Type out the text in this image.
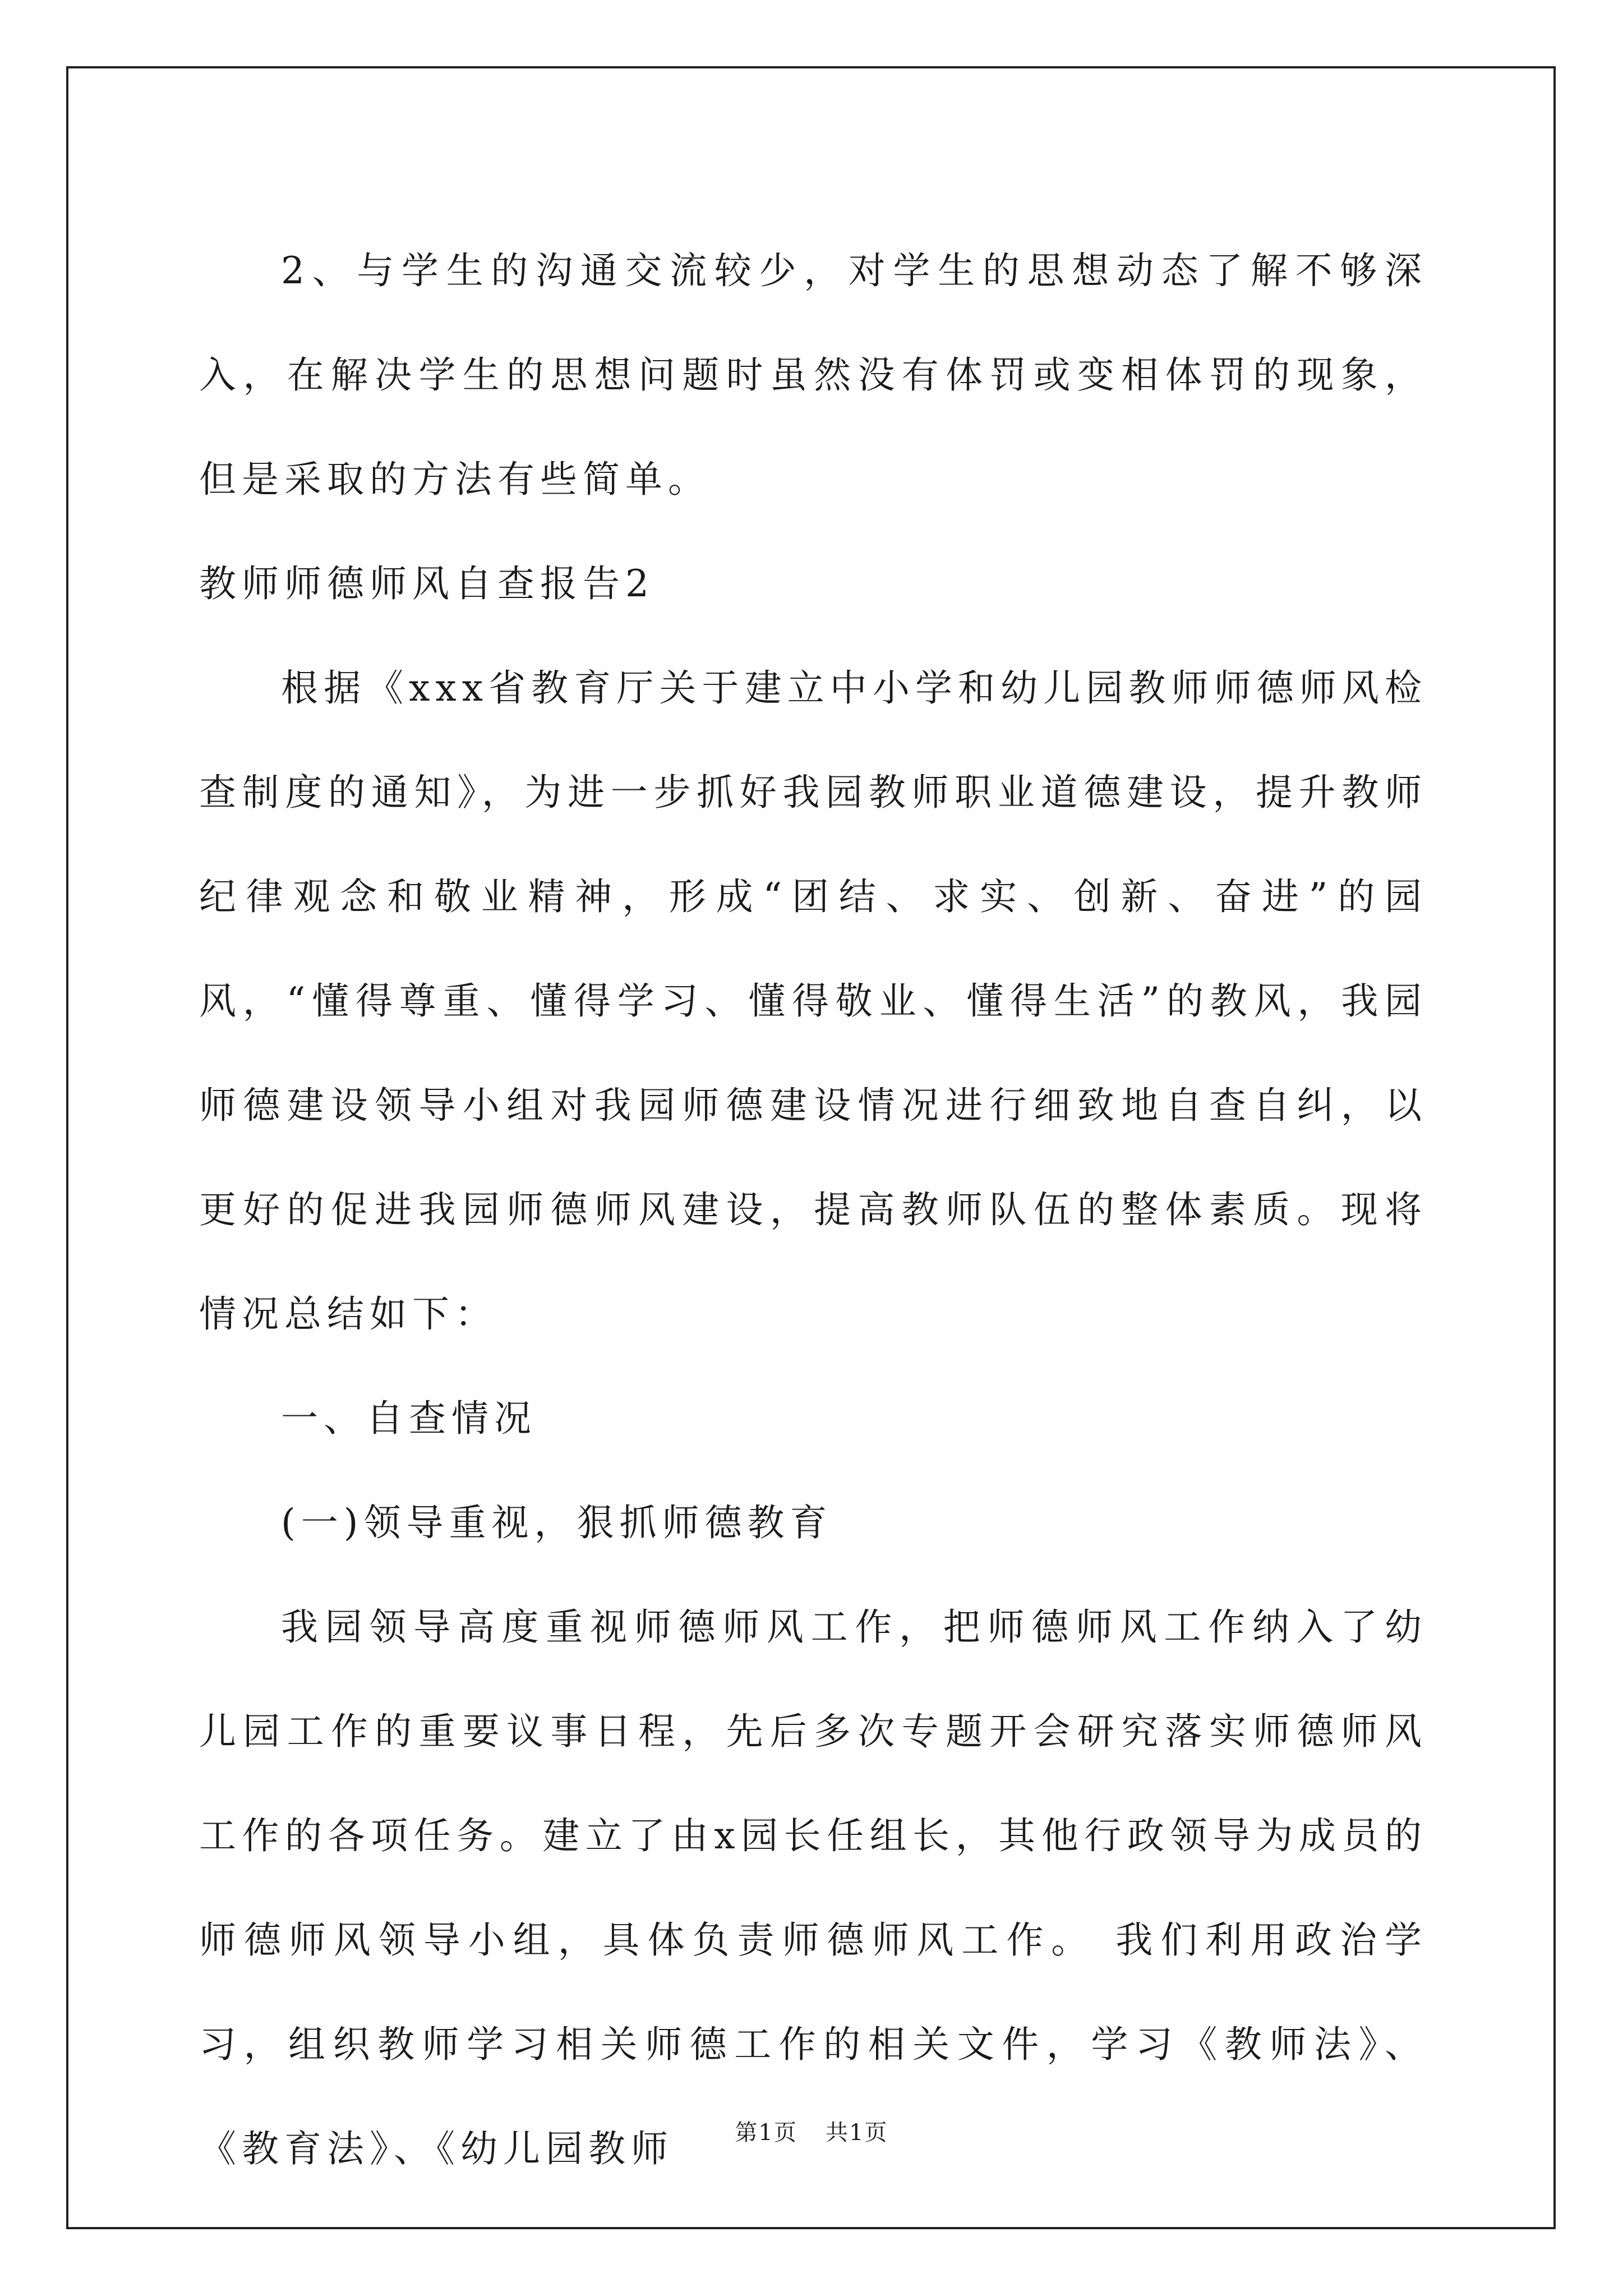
2、与学生的沟通交流较少，对学生的思想动态了解不够深入，在解决学生的思想问题时虽然没有体罚或变相体罚的现象，但是采取的方法有些简单。

教师师德师风自查报告2

根据《xxx省教育厅关于建立中小学和幼儿园教师师德师风检查制度的通知》，为进一步抓好我园教师职业道德建设，提升教师纪律观念和敬业精神，形成“团结、求实、创新、奋进”的园风，“懂得尊重、懂得学习、懂得敬业、懂得生活”的教风，我园师德建设领导小组对我园师德建设情况进行细致地自查自纠，以更好的促进我园师德师风建设，提高教师队伍的整体素质。现将情况总结如下：

一、自查情况

(一)领导重视，狠抓师德教育

我园领导高度重视师德师风工作，把师德师风工作纳入了幼儿园工作的重要议事日程，先后多次专题开会研究落实师德师风工作的各项任务。建立了由x园长任组长，其他行政领导为成员的师德师风领导小组，具体负责师德师风工作。 我们利用政治学习，组织教师学习相关师德工作的相关文件，学习《教师法》、《教育法》、《幼儿园教师	第1页 共1页
